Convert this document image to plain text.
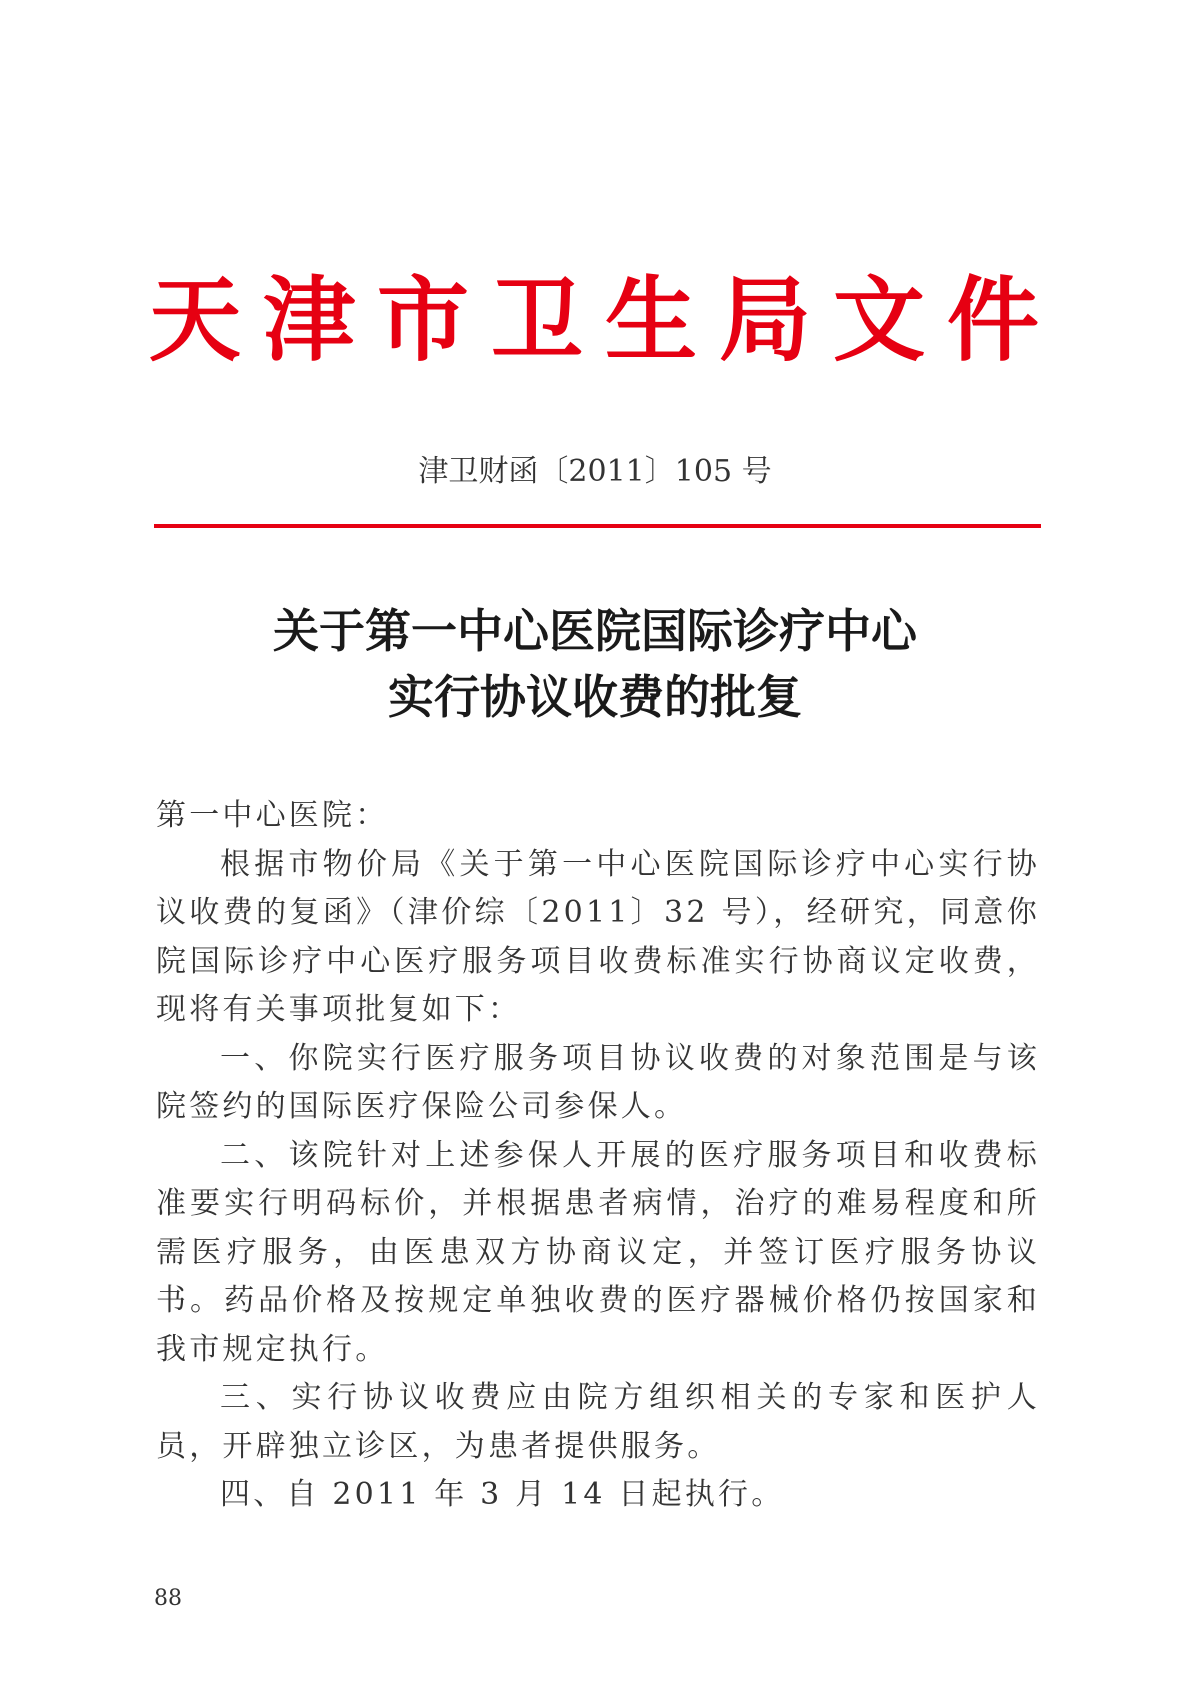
天津市卫生局文件
津卫财函〔2011〕105 号
关于第一中心医院国际诊疗中心
实行协议收费的批复

第一中心医院：

根据市物价局《关于第一中心医院国际诊疗中心实行协议收费的复函》（津价综〔2011〕32 号），经研究，同意你院国际诊疗中心医疗服务项目收费标准实行协商议定收费，现将有关事项批复如下：

一、你院实行医疗服务项目协议收费的对象范围是与该院签约的国际医疗保险公司参保人。

二、该院针对上述参保人开展的医疗服务项目和收费标准要实行明码标价，并根据患者病情，治疗的难易程度和所需医疗服务，由医患双方协商议定，并签订医疗服务协议书。药品价格及按规定单独收费的医疗器械价格仍按国家和我市规定执行。

三、实行协议收费应由院方组织相关的专家和医护人员，开辟独立诊区，为患者提供服务。

四、自 2011 年 3 月 14 日起执行。

88
